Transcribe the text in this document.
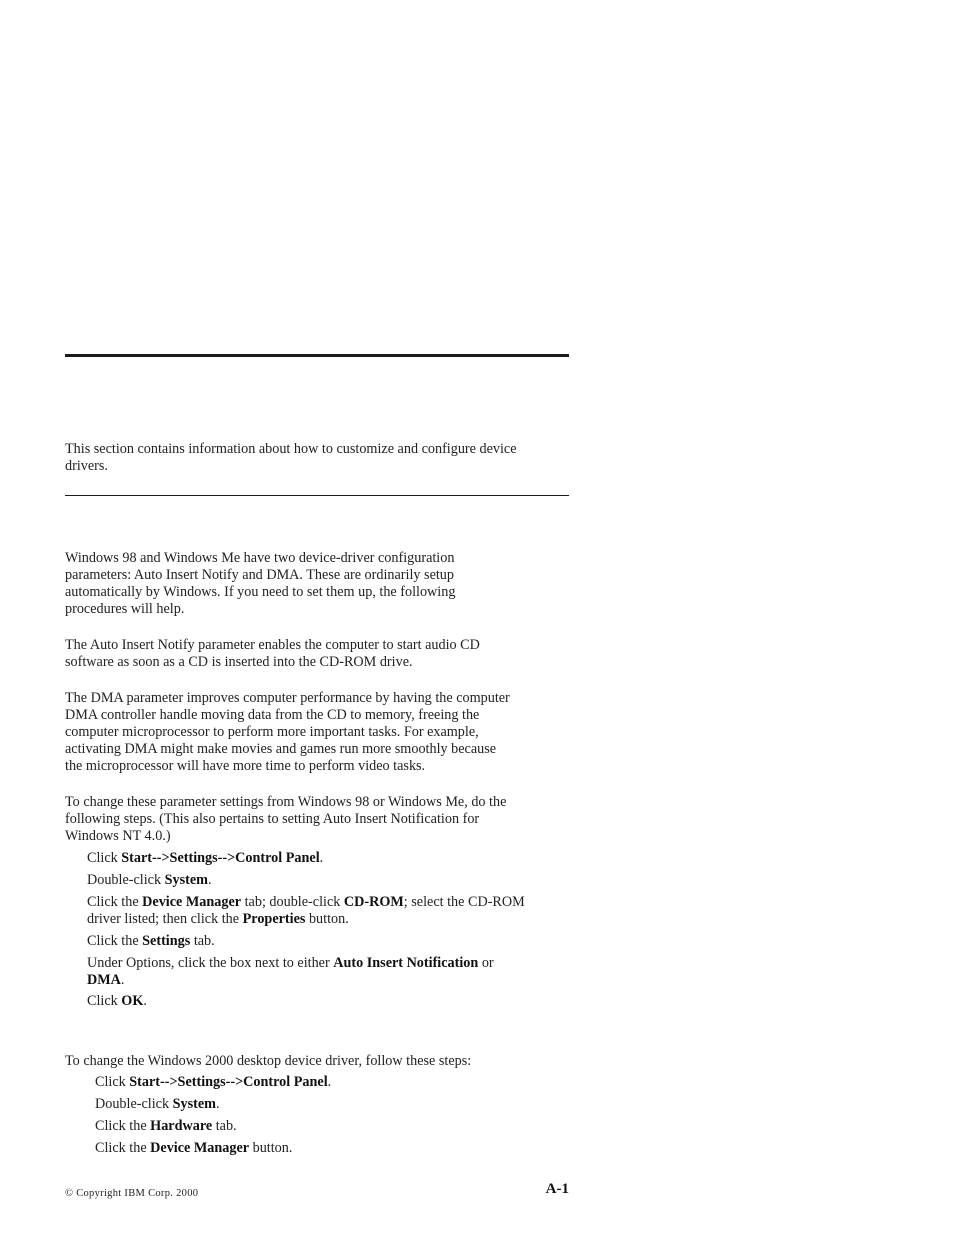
This section contains information about how to customize and configure device
drivers.

Windows 98 and Windows Me have two device-driver configuration
parameters: Auto Insert Notify and DMA. These are ordinarily setup
automatically by Windows. If you need to set them up, the following
procedures will help.

The Auto Insert Notify parameter enables the computer to start audio CD
software as soon as a CD is inserted into the CD-ROM drive.

The DMA parameter improves computer performance by having the computer
DMA controller handle moving data from the CD to memory, freeing the
computer microprocessor to perform more important tasks. For example,
activating DMA might make movies and games run more smoothly because
the microprocessor will have more time to perform video tasks.

To change these parameter settings from Windows 98 or Windows Me, do the
following steps. (This also pertains to setting Auto Insert Notification for
Windows NT 4.0.)

Click Start-->Settings-->Control Panel.

Double-click System.

Click the Device Manager tab; double-click CD-ROM; select the CD-ROM
driver listed; then click the Properties button.

Click the Settings tab.

Under Options, click the box next to either Auto Insert Notification or
DMA.

Click OK.

To change the Windows 2000 desktop device driver, follow these steps:

Click Start-->Settings-->Control Panel.

Double-click System.

Click the Hardware tab.

Click the Device Manager button.

© Copyright IBM Corp. 2000	A-1
